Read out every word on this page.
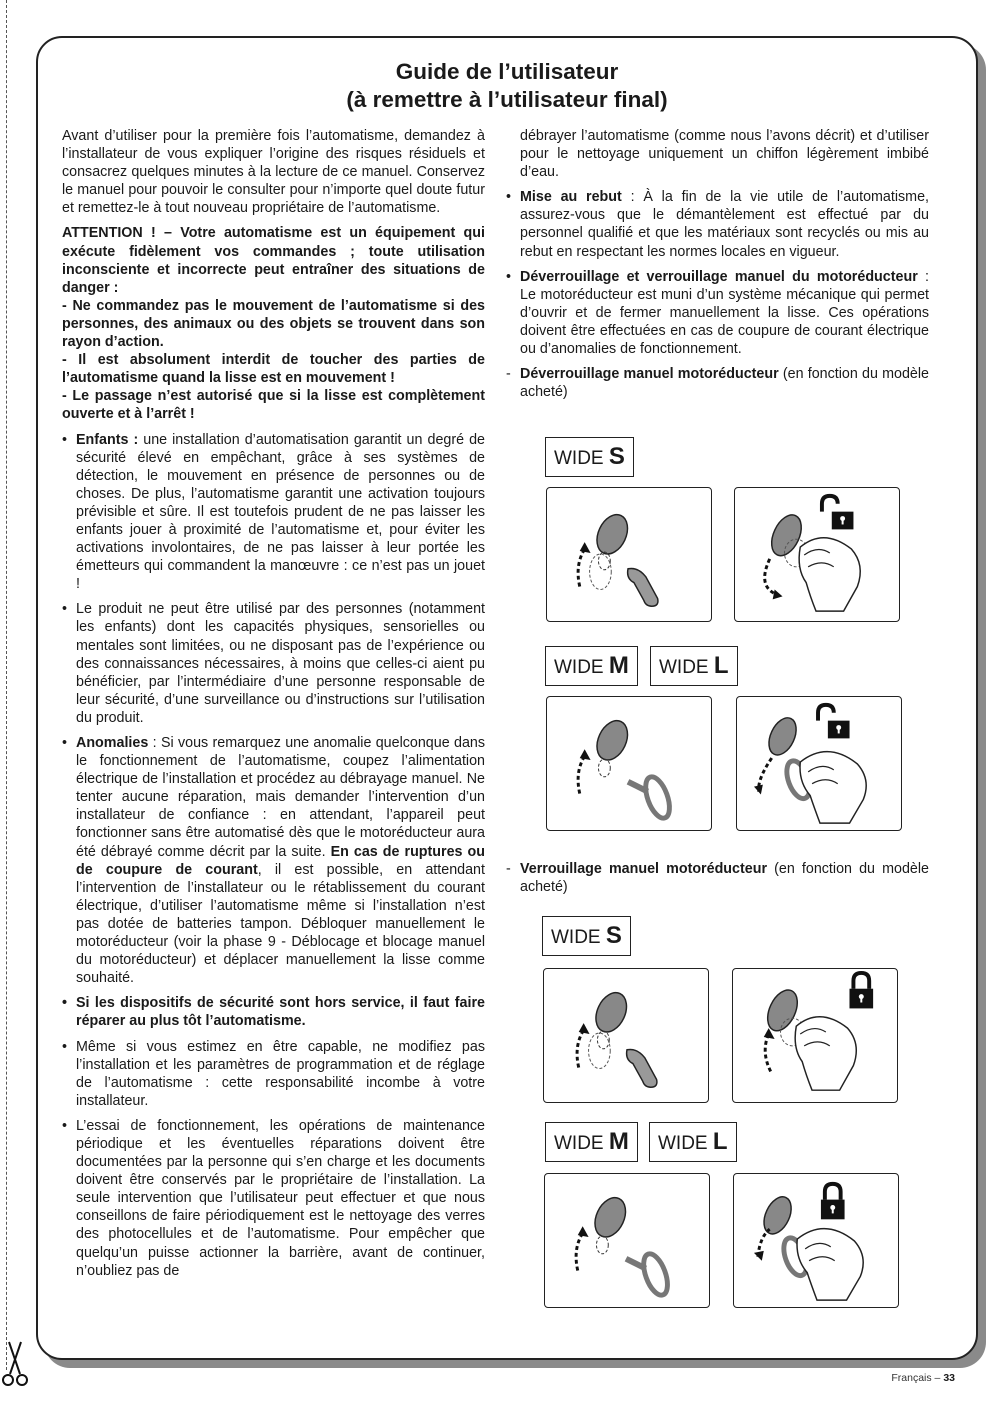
Guide de l’utilisateur
(à remettre à l’utilisateur final)

Avant d’utiliser pour la première fois l’automatisme, demandez à l’installateur de vous expliquer l’origine des risques résiduels et consacrez quelques minutes à la lecture de ce manuel. Conservez le manuel pour pouvoir le consulter pour n’importe quel doute futur et remettez-le à tout nouveau propriétaire de l’automatisme.

ATTENTION ! – Votre automatisme est un équipement qui exécute fidèlement vos commandes ; toute utilisation inconsciente et incorrecte peut entraîner des situations de danger :
- Ne commandez pas le mouvement de l’automatisme si des personnes, des animaux ou des objets se trouvent dans son rayon d’action.
- Il est absolument interdit de toucher des parties de l’automatisme quand la lisse est en mouvement !
- Le passage n’est autorisé que si la lisse est complètement ouverte et à l’arrêt !
• Enfants : une installation d’automatisation garantit un degré de sécurité élevé en empêchant, grâce à ses systèmes de détection, le mouvement en présence de personnes ou de choses. De plus, l’automatisme garantit une activation toujours prévisible et sûre. Il est toutefois prudent de ne pas laisser les enfants jouer à proximité de l’automatisme et, pour éviter les activations involontaires, de ne pas laisser à leur portée les émetteurs qui commandent la manœuvre : ce n’est pas un jouet !
• Le produit ne peut être utilisé par des personnes (notamment les enfants) dont les capacités physiques, sensorielles ou mentales sont limitées, ou ne disposant pas de l’expérience ou des connaissances nécessaires, à moins que celles-ci aient pu bénéficier, par l’intermédiaire d’une personne responsable de leur sécurité, d’une surveillance ou d’instructions sur l’utilisation du produit.
• Anomalies : Si vous remarquez une anomalie quelconque dans le fonctionnement de l’automatisme, coupez l’alimentation électrique de l’installation et procédez au débrayage manuel. Ne tenter aucune réparation, mais demander l’intervention d’un installateur de confiance : en attendant, l’appareil peut fonctionner sans être automatisé dès que le motoréducteur aura été débrayé comme décrit par la suite. En cas de ruptures ou de coupure de courant, il est possible, en attendant l’intervention de l’installateur ou le rétablissement du courant électrique, d’utiliser l’automatisme même si l’installation n’est pas dotée de batteries tampon. Débloquer manuellement le motoréducteur (voir la phase 9 - Déblocage et blocage manuel du motoréducteur) et déplacer manuellement la lisse comme souhaité.
• Si les dispositifs de sécurité sont hors service, il faut faire réparer au plus tôt l’automatisme.
• Même si vous estimez en être capable, ne modifiez pas l’installation et les paramètres de programmation et de réglage de l’automatisme : cette responsabilité incombe à votre installateur.
• L’essai de fonctionnement, les opérations de maintenance périodique et les éventuelles réparations doivent être documentées par la personne qui s’en charge et les documents doivent être conservés par le propriétaire de l’installation. La seule intervention que l’utilisateur peut effectuer et que nous conseillons de faire périodiquement est le nettoyage des verres des photocellules et de l’automatisme. Pour empêcher que quelqu’un puisse actionner la barrière, avant de continuer, n’oubliez pas de
débrayer l’automatisme (comme nous l’avons décrit) et d’utiliser pour le nettoyage uniquement un chiffon légèrement imbibé d’eau.
• Mise au rebut : À la fin de la vie utile de l’automatisme, assurez-vous que le démantèlement est effectué par du personnel qualifié et que les matériaux sont recyclés ou mis au rebut en respectant les normes locales en vigueur.
• Déverrouillage et verrouillage manuel du motoréducteur : Le motoréducteur est muni d’un système mécanique qui permet d’ouvrir et de fermer manuellement la lisse. Ces opérations doivent être effectuées en cas de coupure de courant électrique ou d’anomalies de fonctionnement.
- Déverrouillage manuel motoréducteur (en fonction du modèle acheté)
- Verrouillage manuel motoréducteur (en fonction du modèle acheté)
WIDE S
WIDE M	WIDE L
WIDE S
WIDE M	WIDE L
Français – 33
